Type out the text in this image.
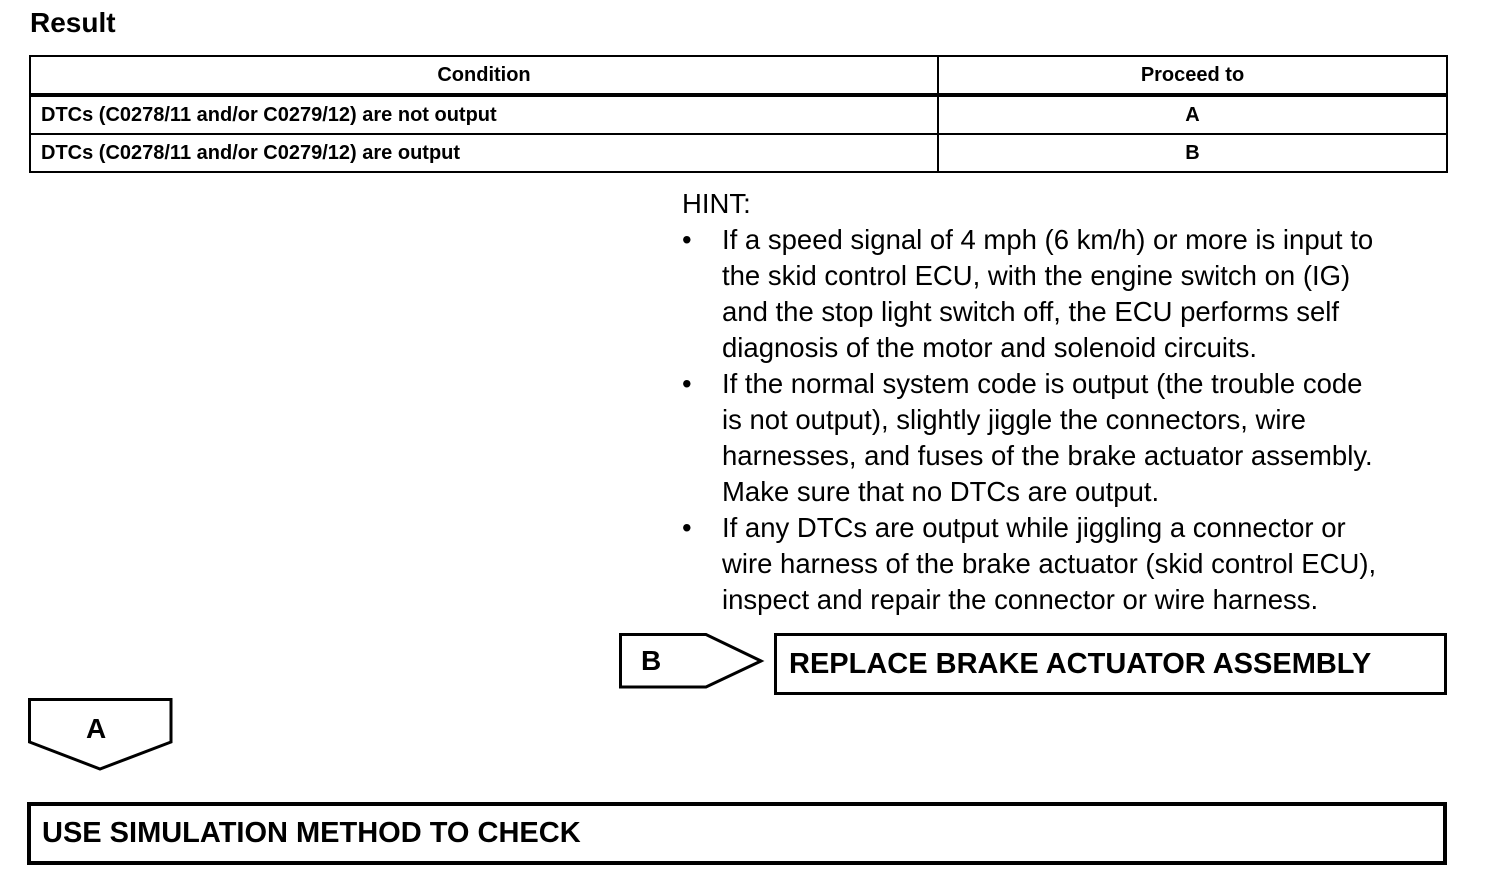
Result
Condition	Proceed to
DTCs (C0278/11 and/or C0279/12) are not output	A
DTCs (C0278/11 and/or C0279/12) are output	B

HINT:

• If a speed signal of 4 mph (6 km/h) or more is input to
the skid control ECU, with the engine switch on (IG)
and the stop light switch off, the ECU performs self
diagnosis of the motor and solenoid circuits.
• If the normal system code is output (the trouble code
is not output), slightly jiggle the connectors, wire
harnesses, and fuses of the brake actuator assembly.
Make sure that no DTCs are output.
• If any DTCs are output while jiggling a connector or
wire harness of the brake actuator (skid control ECU),
inspect and repair the connector or wire harness.
B	REPLACE BRAKE ACTUATOR ASSEMBLY
A
USE SIMULATION METHOD TO CHECK
